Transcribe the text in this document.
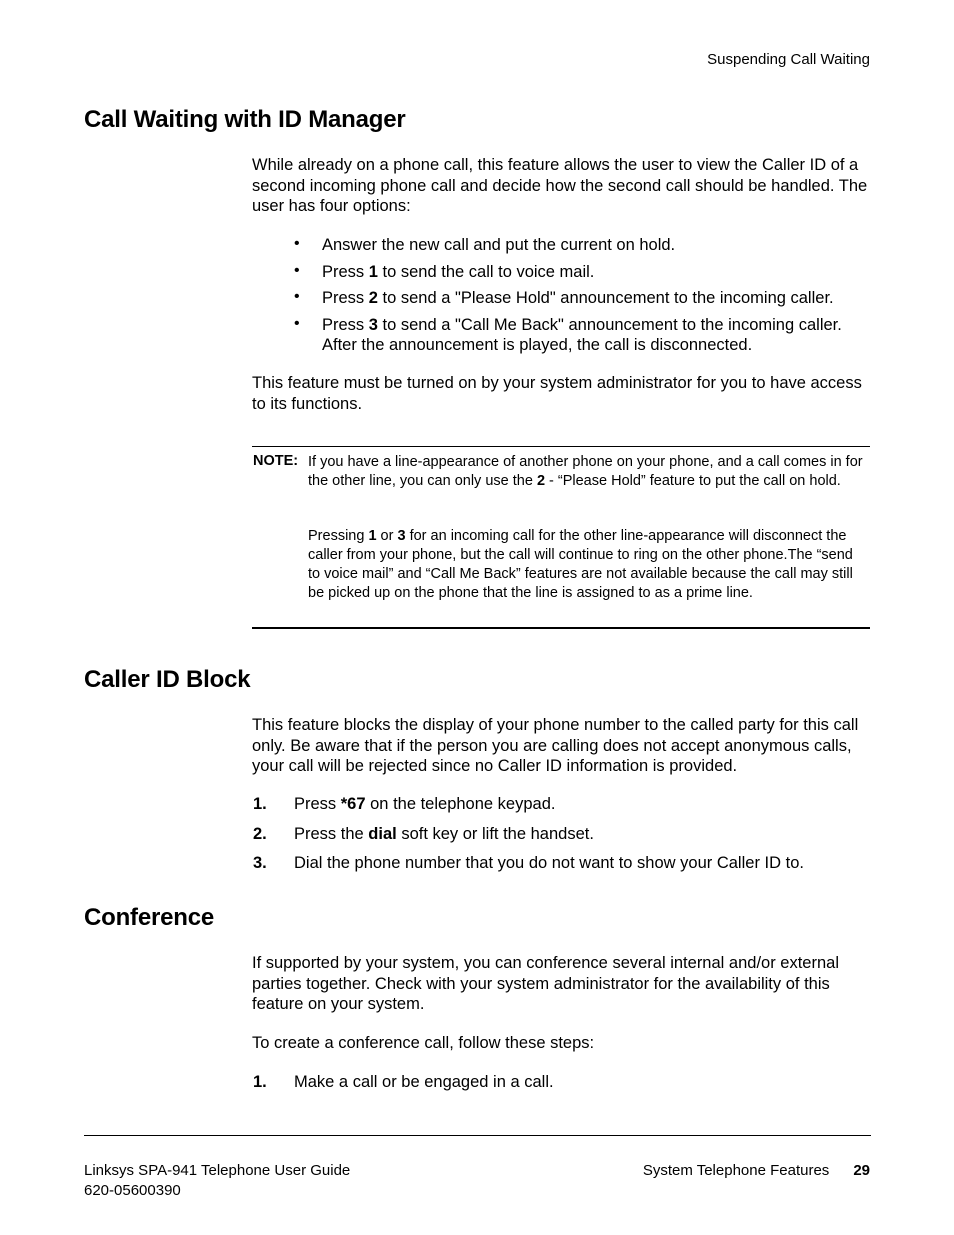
Suspending Call Waiting
Call Waiting with ID Manager

While already on a phone call, this feature allows the user to view the Caller ID of a second incoming phone call and decide how the second call should be handled. The user has four options:

• Answer the new call and put the current on hold.
• Press 1 to send the call to voice mail.
• Press 2 to send a "Please Hold" announcement to the incoming caller.
• Press 3 to send a "Call Me Back" announcement to the incoming caller. After the announcement is played, the call is disconnected.

This feature must be turned on by your system administrator for you to have access to its functions.

NOTE: If you have a line-appearance of another phone on your phone, and a call comes in for the other line, you can only use the 2 - “Please Hold” feature to put the call on hold.

Pressing 1 or 3 for an incoming call for the other line-appearance will disconnect the caller from your phone, but the call will continue to ring on the other phone.The “send to voice mail” and “Call Me Back” features are not available because the call may still be picked up on the phone that the line is assigned to as a prime line.

Caller ID Block

This feature blocks the display of your phone number to the called party for this call only. Be aware that if the person you are calling does not accept anonymous calls, your call will be rejected since no Caller ID information is provided.

1. Press *67 on the telephone keypad.
2. Press the dial soft key or lift the handset.
3. Dial the phone number that you do not want to show your Caller ID to.
Conference

If supported by your system, you can conference several internal and/or external parties together. Check with your system administrator for the availability of this feature on your system.

To create a conference call, follow these steps:

1. Make a call or be engaged in a call.
Linksys SPA-941 Telephone User Guide
620-05600390
System Telephone Features 29
